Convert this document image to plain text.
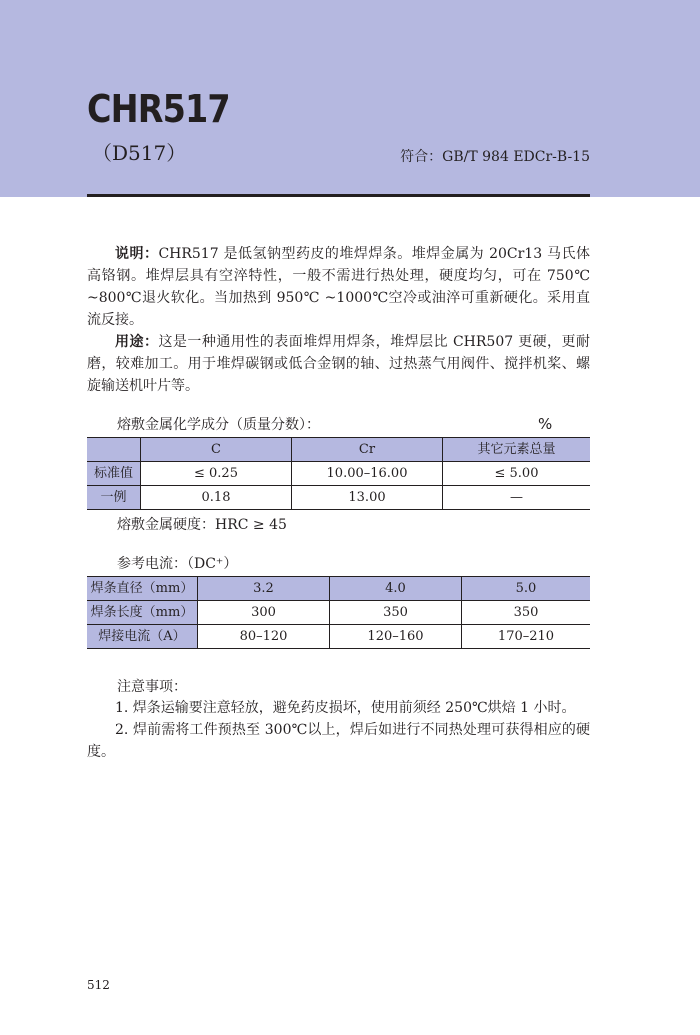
CHR517
（D517）	符合：GB/T 984 EDCr-B-15

说明：CHR517 是低氢钠型药皮的堆焊焊条。堆焊金属为 20Cr13 马氏体高铬钢。堆焊层具有空淬特性，一般不需进行热处理，硬度均匀，可在 750℃ ~800℃退火软化。当加热到 950℃ ~1000℃空冷或油淬可重新硬化。采用直流反接。

用途：这是一种通用性的表面堆焊用焊条，堆焊层比 CHR507 更硬，更耐磨，较难加工。用于堆焊碳钢或低合金钢的轴、过热蒸气用阀件、搅拌机桨、螺旋输送机叶片等。

熔敷金属化学成分（质量分数）：	%
	C	Cr	其它元素总量
标准值	≤ 0.25	10.00–16.00	≤ 5.00
一例	0.18	13.00	—
熔敷金属硬度：HRC ≥ 45
参考电流：（DC⁺）
焊条直径（mm）	3.2	4.0	5.0
焊条长度（mm）	300	350	350
焊接电流（A）	80–120	120–160	170–210
注意事项：

1. 焊条运输要注意轻放，避免药皮损坏，使用前须经 250℃烘焙 1 小时。

2. 焊前需将工件预热至 300℃以上，焊后如进行不同热处理可获得相应的硬度。

512
